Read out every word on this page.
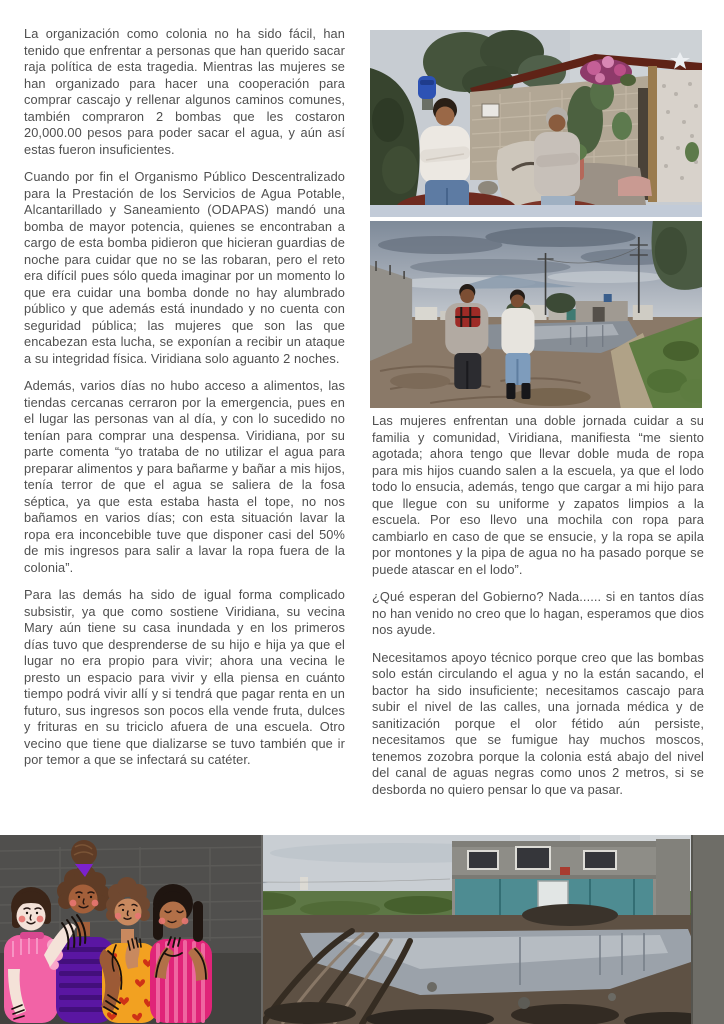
La organización como colonia no ha sido fácil, han tenido que enfrentar a personas que han querido sacar raja política de esta tragedia. Mientras las mujeres se han organizado para hacer una cooperación para comprar cascajo y rellenar algunos caminos comunes, también compraron 2 bombas que les costaron 20,000.00 pesos para poder sacar el agua, y aún así estas fueron insuficientes.

Cuando por fin el Organismo Público Descentralizado para la Prestación de los Servicios de Agua Potable, Alcantarillado y Saneamiento (ODAPAS) mandó una bomba de mayor potencia, quienes se encontraban a cargo de esta bomba pidieron que hicieran guardias de noche para cuidar que no se las robaran, pero el reto era difícil pues sólo queda imaginar por un momento lo que era cuidar una bomba donde no hay alumbrado público y que además está inundado y no cuenta con seguridad pública; las mujeres que son las que encabezan esta lucha, se exponían a recibir un ataque a su integridad física. Viridiana solo aguanto 2 noches.

Además, varios días no hubo acceso a alimentos, las tiendas cercanas cerraron por la emergencia, pues en el lugar las personas van al día, y con lo sucedido no tenían para comprar una despensa. Viridiana, por su parte comenta “yo trataba de no utilizar el agua para preparar alimentos y para bañarme y bañar a mis hijos, tenía terror de que el agua se saliera de la fosa séptica, ya que esta estaba hasta el tope, no nos bañamos en varios días; con esta situación lavar la ropa era inconcebible tuve que disponer casi del 50% de mis ingresos para salir a lavar la ropa fuera de la colonia”.

Para las demás ha sido de igual forma complicado subsistir, ya que como sostiene Viridiana, su vecina Mary aún tiene su casa inundada y en los primeros días tuvo que desprenderse de su hijo e hija ya que el lugar no era propio para vivir; ahora una vecina le presto un espacio para vivir y ella piensa en cuánto tiempo podrá vivir allí y si tendrá que pagar renta en un futuro, sus ingresos son pocos ella vende fruta, dulces y frituras en su triciclo afuera de una escuela. Otro vecino que tiene que dializarse se tuvo también que ir por temor a que se infectará su catéter.

Las mujeres enfrentan una doble jornada cuidar a su familia y comunidad, Viridiana, manifiesta “me siento agotada; ahora tengo que llevar doble muda de ropa para mis hijos cuando salen a la escuela, ya que el lodo todo lo ensucia, además, tengo que cargar a mi hijo para que llegue con su uniforme y zapatos limpios a la escuela. Por eso llevo una mochila con ropa para cambiarlo en caso de que se ensucie, y la ropa se apila por montones y la pipa de agua no ha pasado porque se puede atascar en el lodo”.

¿Qué esperan del Gobierno? Nada...... si en tantos días no han venido no creo que lo hagan, esperamos que dios nos ayude.

Necesitamos apoyo técnico porque creo que las bombas solo están circulando el agua y no la están sacando, el bactor ha sido insuficiente; necesitamos cascajo para subir el nivel de las calles, una jornada médica y de sanitización porque el olor fétido aún persiste, necesitamos que se fumigue hay muchos moscos, tenemos zozobra porque la colonia está abajo del nivel del canal de aguas negras como unos 2 metros, si se desborda no quiero pensar lo que va pasar.
